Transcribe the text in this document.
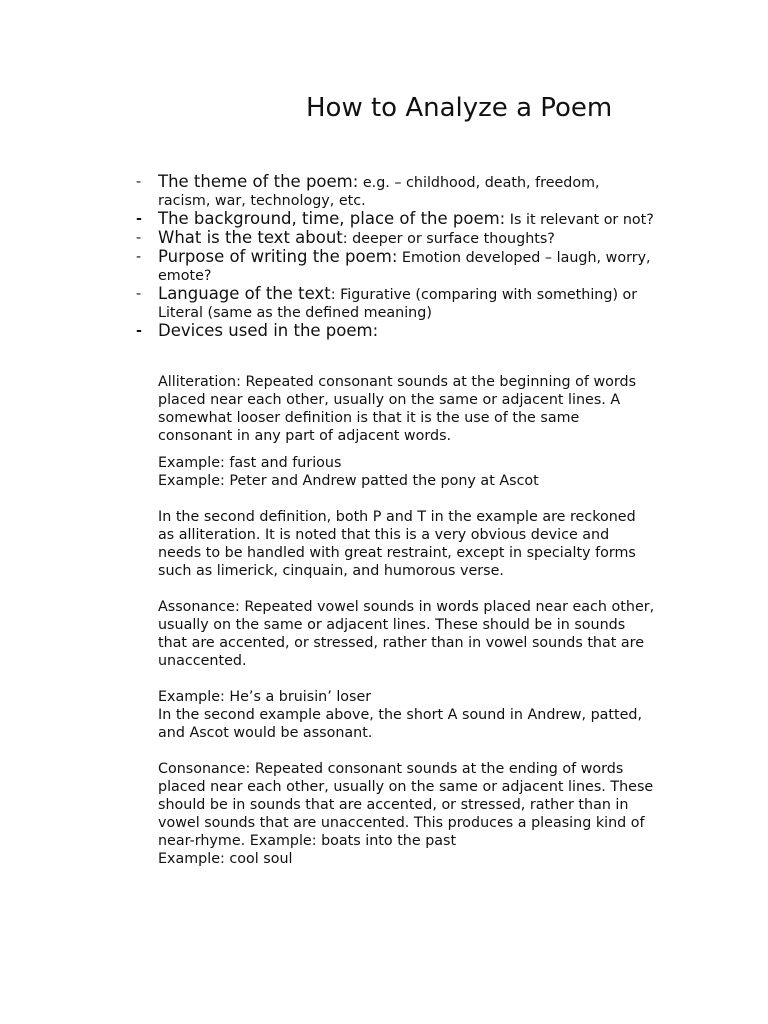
How to Analyze a Poem
- The theme of the poem: e.g. – childhood, death, freedom, racism, war, technology, etc.
- The background, time, place of the poem: Is it relevant or not?
- What is the text about: deeper or surface thoughts?
- Purpose of writing the poem: Emotion developed – laugh, worry, emote?
- Language of the text: Figurative (comparing with something) or Literal (same as the defined meaning)
- Devices used in the poem:

Alliteration: Repeated consonant sounds at the beginning of words placed near each other, usually on the same or adjacent lines. A somewhat looser definition is that it is the use of the same consonant in any part of adjacent words.

Example: fast and furious
Example: Peter and Andrew patted the pony at Ascot

In the second definition, both P and T in the example are reckoned as alliteration. It is noted that this is a very obvious device and needs to be handled with great restraint, except in specialty forms such as limerick, cinquain, and humorous verse.

Assonance: Repeated vowel sounds in words placed near each other, usually on the same or adjacent lines. These should be in sounds that are accented, or stressed, rather than in vowel sounds that are unaccented.

Example: He’s a bruisin’ loser

In the second example above, the short A sound in Andrew, patted, and Ascot would be assonant.

Consonance: Repeated consonant sounds at the ending of words placed near each other, usually on the same or adjacent lines. These should be in sounds that are accented, or stressed, rather than in vowel sounds that are unaccented. This produces a pleasing kind of near-rhyme. Example: boats into the past

Example: cool soul
